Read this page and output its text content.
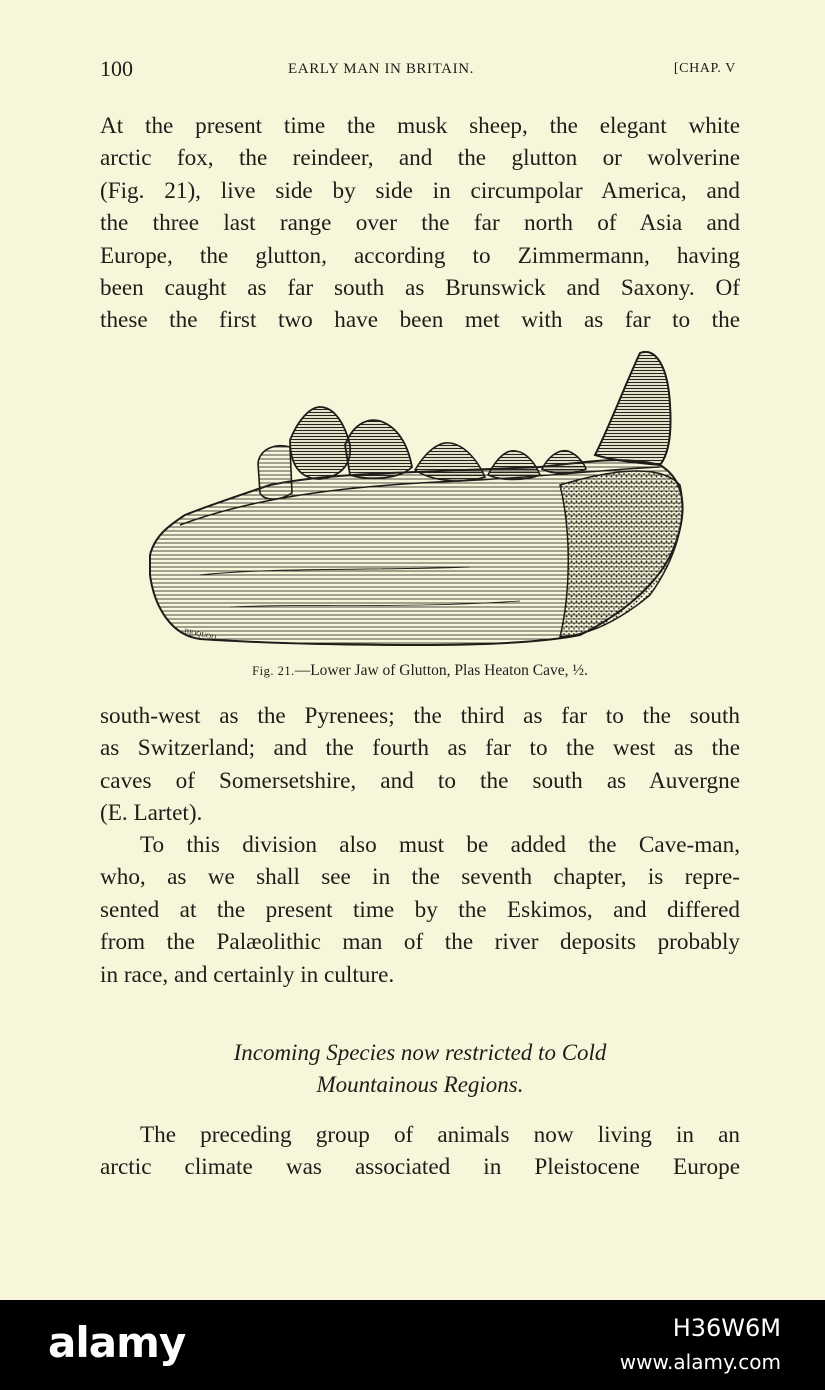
100	EARLY MAN IN BRITAIN.	[CHAP. V
At the present time the musk sheep, the elegant white
arctic fox, the reindeer, and the glutton or wolverine
(Fig. 21), live side by side in circumpolar America, and
the three last range over the far north of Asia and
Europe, the glutton, according to Zimmermann, having
been caught as far south as Brunswick and Saxony. Of
these the first two have been met with as far to the
BIOQUOD
Fig. 21.—Lower Jaw of Glutton, Plas Heaton Cave, ½.
south-west as the Pyrenees; the third as far to the south
as Switzerland; and the fourth as far to the west as the
caves of Somersetshire, and to the south as Auvergne
(E. Lartet).
To this division also must be added the Cave-man,
who, as we shall see in the seventh chapter, is repre-
sented at the present time by the Eskimos, and differed
from the Palæolithic man of the river deposits probably
in race, and certainly in culture.
Incoming Species now restricted to Cold
Mountainous Regions.
The preceding group of animals now living in an
arctic climate was associated in Pleistocene Europe
alamy	H36W6M
www.alamy.com
